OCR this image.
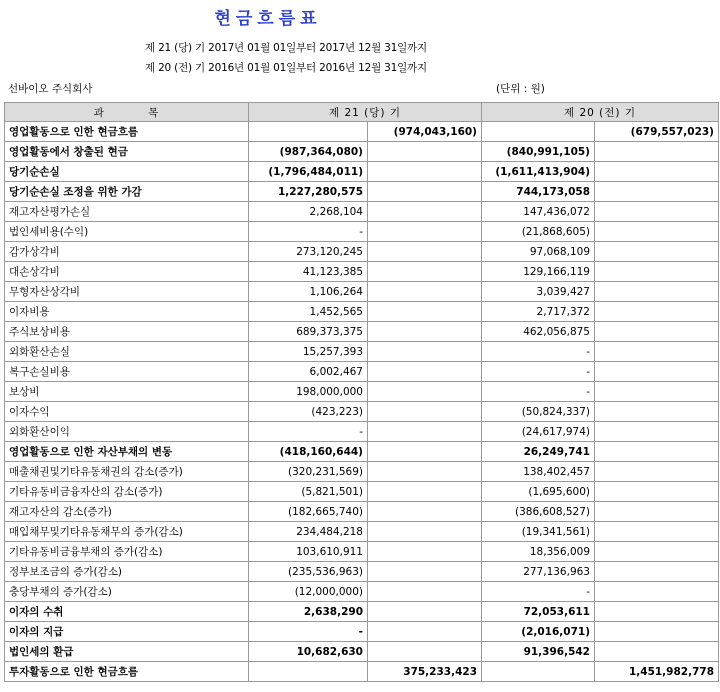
현금흐름표
제 21 (당) 기 2017년 01월 01일부터 2017년 12월 31일까지
제 20 (전) 기 2016년 01월 01일부터 2016년 12월 31일까지
선바이오 주식회사	(단위 : 원)
과          목	제 21 (당) 기		제 20 (전) 기	
영업활동으로 인한 현금흐름		(974,043,160)		(679,557,023)
영업활동에서 창출된 현금	(987,364,080)		(840,991,105)	
당기순손실	(1,796,484,011)		(1,611,413,904)	
당기순손실 조정을 위한 가감	1,227,280,575		744,173,058	
재고자산평가손실	2,268,104		147,436,072	
법인세비용(수익)	-		(21,868,605)	
감가상각비	273,120,245		97,068,109	
대손상각비	41,123,385		129,166,119	
무형자산상각비	1,106,264		3,039,427	
이자비용	1,452,565		2,717,372	
주식보상비용	689,373,375		462,056,875	
외화환산손실	15,257,393		-	
복구손실비용	6,002,467		-	
보상비	198,000,000		-	
이자수익	(423,223)		(50,824,337)	
외화환산이익	-		(24,617,974)	
영업활동으로 인한 자산부채의 변동	(418,160,644)		26,249,741	
매출채권및기타유동채권의 감소(증가)	(320,231,569)		138,402,457	
기타유동비금융자산의 감소(증가)	(5,821,501)		(1,695,600)	
재고자산의 감소(증가)	(182,665,740)		(386,608,527)	
매입채무및기타유동채무의 증가(감소)	234,484,218		(19,341,561)	
기타유동비금융부채의 증가(감소)	103,610,911		18,356,009	
정부보조금의 증가(감소)	(235,536,963)		277,136,963	
충당부채의 증가(감소)	(12,000,000)		-	
이자의 수취	2,638,290		72,053,611	
이자의 지급	-		(2,016,071)	
법인세의 환급	10,682,630		91,396,542	
투자활동으로 인한 현금흐름		375,233,423		1,451,982,778
